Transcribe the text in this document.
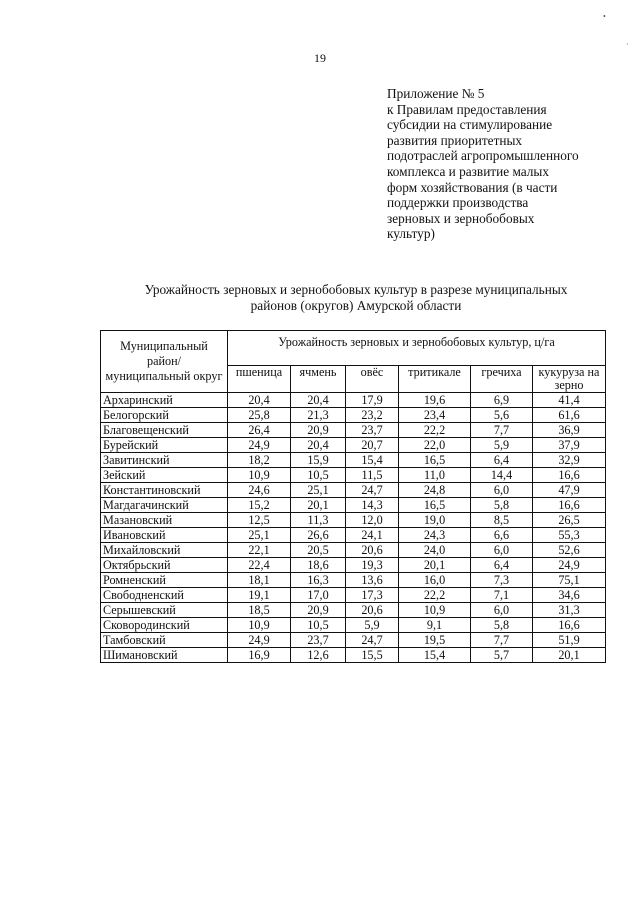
19
•
·
Приложение № 5
к Правилам предоставления
субсидии на стимулирование
развития приоритетных
подотраслей агропромышленного
комплекса и развитие малых
форм хозяйствования (в части
поддержки производства
зерновых и зернобобовых
культур)
Урожайность зерновых и зернобобовых культур в разрезе муниципальных
районов (округов) Амурской области
Муниципальный район/ муниципальный округ	Урожайность зерновых и зернобобовых культур, ц/га					
	пшеница	ячмень	овёс	тритикале	гречиха	кукуруза на зерно
Архаринский	20,4	20,4	17,9	19,6	6,9	41,4
Белогорский	25,8	21,3	23,2	23,4	5,6	61,6
Благовещенский	26,4	20,9	23,7	22,2	7,7	36,9
Бурейский	24,9	20,4	20,7	22,0	5,9	37,9
Завитинский	18,2	15,9	15,4	16,5	6,4	32,9
Зейский	10,9	10,5	11,5	11,0	14,4	16,6
Константиновский	24,6	25,1	24,7	24,8	6,0	47,9
Магдагачинский	15,2	20,1	14,3	16,5	5,8	16,6
Мазановский	12,5	11,3	12,0	19,0	8,5	26,5
Ивановский	25,1	26,6	24,1	24,3	6,6	55,3
Михайловский	22,1	20,5	20,6	24,0	6,0	52,6
Октябрьский	22,4	18,6	19,3	20,1	6,4	24,9
Ромненский	18,1	16,3	13,6	16,0	7,3	75,1
Свободненский	19,1	17,0	17,3	22,2	7,1	34,6
Серышевский	18,5	20,9	20,6	10,9	6,0	31,3
Сковородинский	10,9	10,5	5,9	9,1	5,8	16,6
Тамбовский	24,9	23,7	24,7	19,5	7,7	51,9
Шимановский	16,9	12,6	15,5	15,4	5,7	20,1
